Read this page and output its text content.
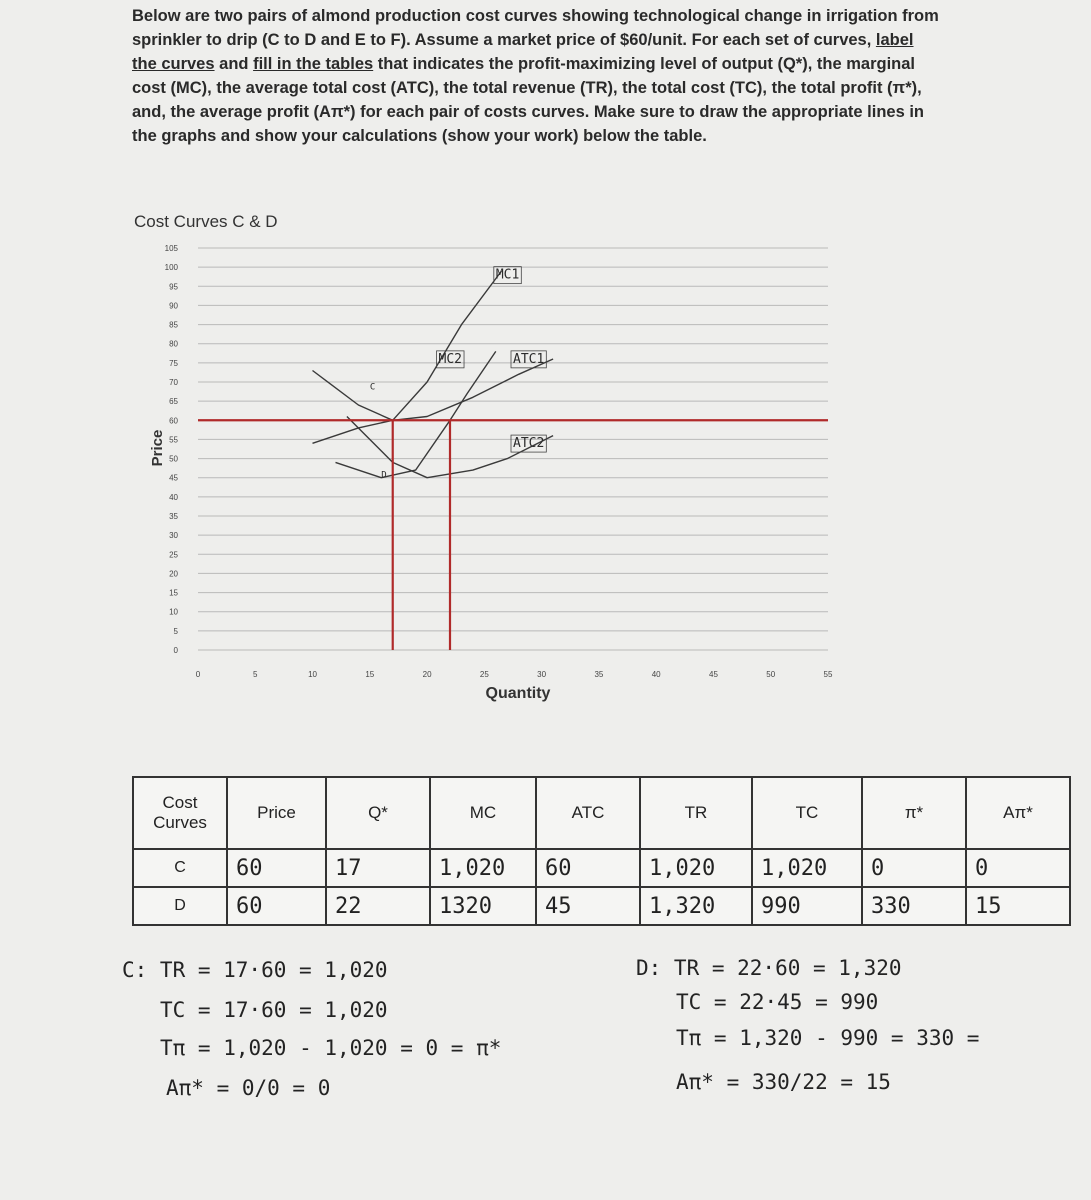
Below are two pairs of almond production cost curves showing technological change in irrigation from sprinkler to drip (C to D and E to F). Assume a market price of $60/unit. For each set of curves, label the curves and fill in the tables that indicates the profit-maximizing level of output (Q*), the marginal cost (MC), the average total cost (ATC), the total revenue (TR), the total cost (TC), the total profit (π*), and, the average profit (Aπ*) for each pair of costs curves. Make sure to draw the appropriate lines in the graphs and show your calculations (show your work) below the table.
Cost Curves C & D
0
5
10
15
20
25
30
35
40
45
50
55
60
65
70
75
80
85
90
95
100
105
0	5	10	15	20	25	30	35	40	45	50	55
MC1
MC2	ATC1
ATC2
C
D
Quantity
Price
Cost Curves	Price	Q*	MC	ATC	TR	TC	π*	Aπ*
C	60	17	1,020	60	1,020	1,020	0	0
D	60	22	1320	45	1,320	990	330	15
C: TR = 17·60 = 1,020
TC = 17·60 = 1,020
Tπ = 1,020 - 1,020 = 0 = π*
Aπ* = 0/0 = 0
D: TR = 22·60 = 1,320
TC = 22·45 = 990
Tπ = 1,320 - 990 = 330 =
Aπ* = 330/22 = 15
